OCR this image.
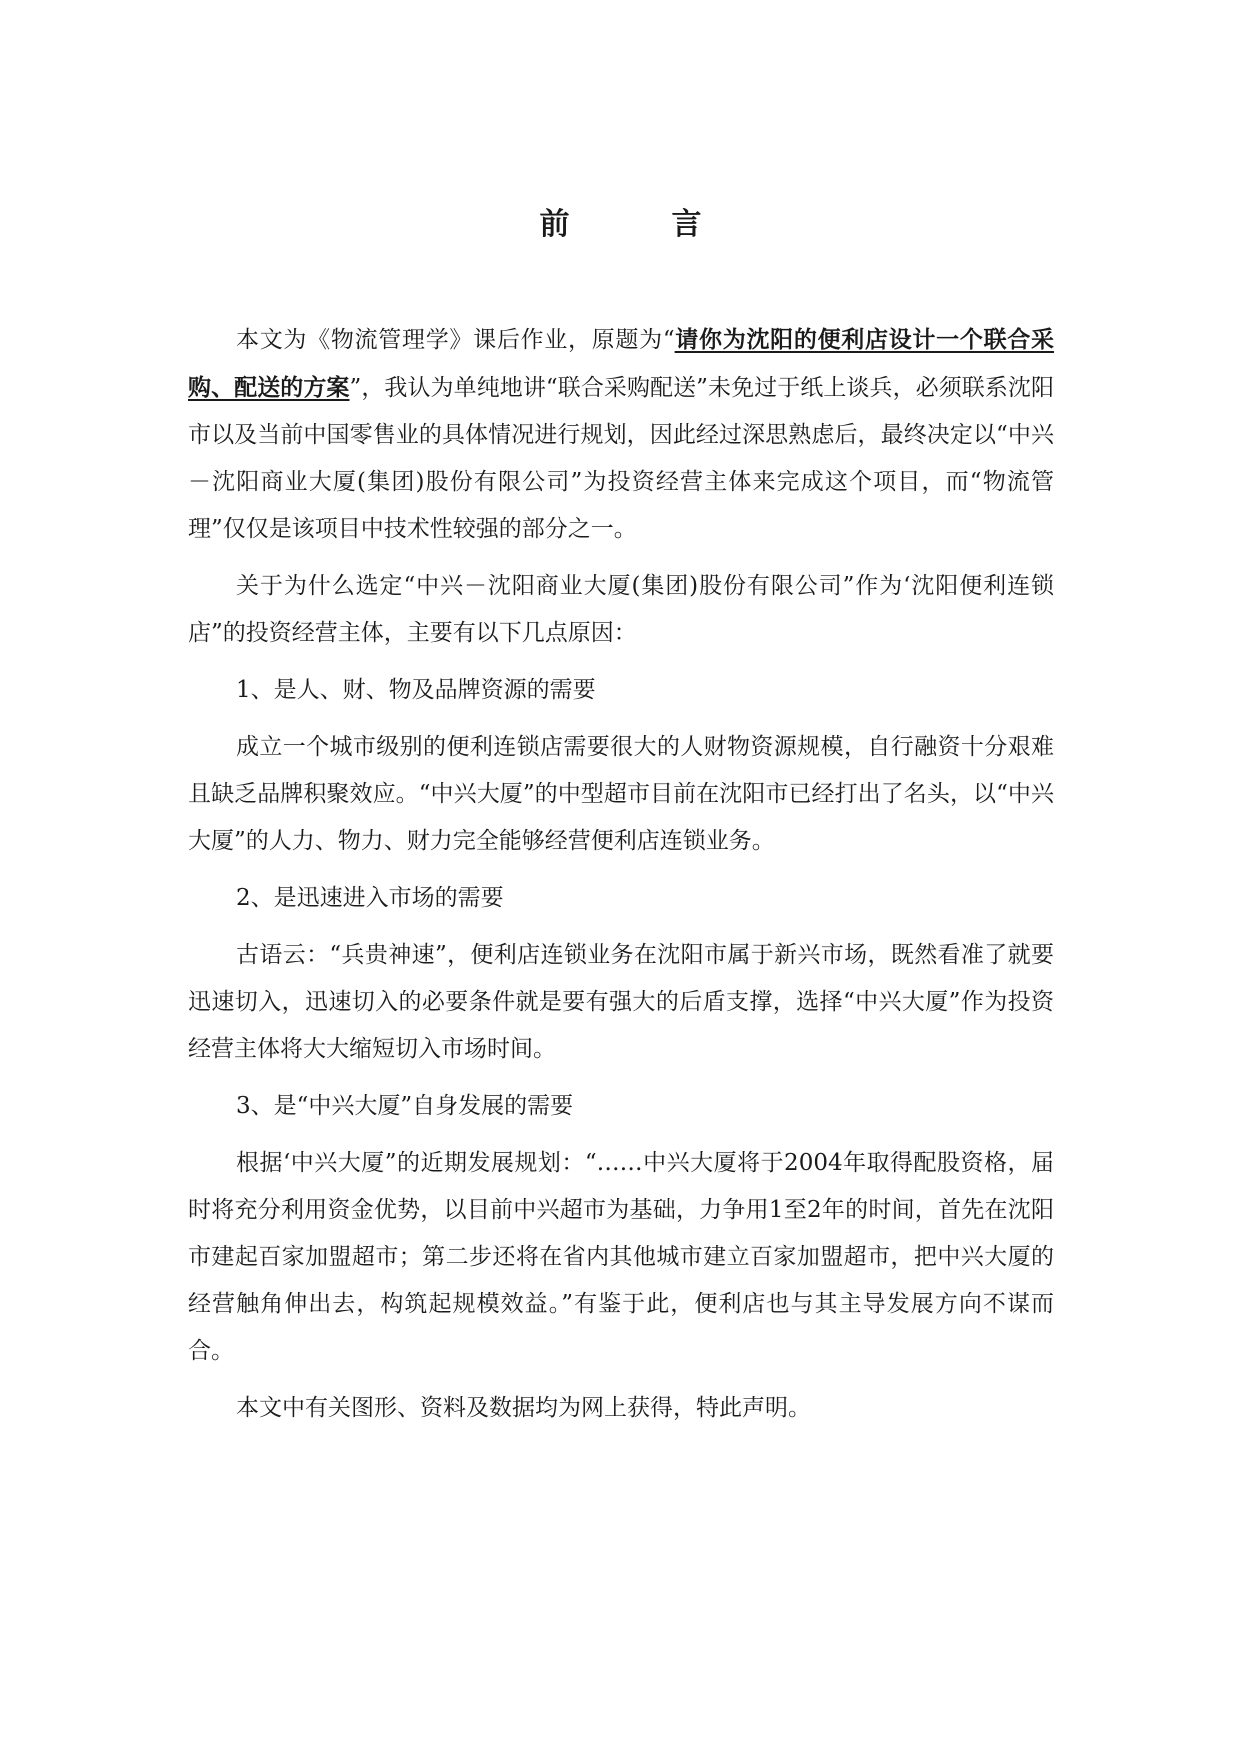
前　言

本文为《物流管理学》课后作业，原题为“请你为沈阳的便利店设计一个联合采购、配送的方案”，我认为单纯地讲“联合采购配送”未免过于纸上谈兵，必须联系沈阳市以及当前中国零售业的具体情况进行规划，因此经过深思熟虑后，最终决定以“中兴－沈阳商业大厦(集团)股份有限公司”为投资经营主体来完成这个项目，而“物流管理”仅仅是该项目中技术性较强的部分之一。

关于为什么选定“中兴－沈阳商业大厦(集团)股份有限公司”作为‘沈阳便利连锁店”的投资经营主体，主要有以下几点原因：

1、是人、财、物及品牌资源的需要

成立一个城市级别的便利连锁店需要很大的人财物资源规模，自行融资十分艰难且缺乏品牌积聚效应。“中兴大厦”的中型超市目前在沈阳市已经打出了名头，以“中兴大厦”的人力、物力、财力完全能够经营便利店连锁业务。

2、是迅速进入市场的需要

古语云：“兵贵神速”，便利店连锁业务在沈阳市属于新兴市场，既然看准了就要迅速切入，迅速切入的必要条件就是要有强大的后盾支撑，选择“中兴大厦”作为投资经营主体将大大缩短切入市场时间。

3、是“中兴大厦”自身发展的需要

根据‘中兴大厦”的近期发展规划：“……中兴大厦将于2004年取得配股资格，届时将充分利用资金优势，以目前中兴超市为基础，力争用1至2年的时间，首先在沈阳市建起百家加盟超市；第二步还将在省内其他城市建立百家加盟超市，把中兴大厦的经营触角伸出去，构筑起规模效益。”有鉴于此，便利店也与其主导发展方向不谋而合。

本文中有关图形、资料及数据均为网上获得，特此声明。
